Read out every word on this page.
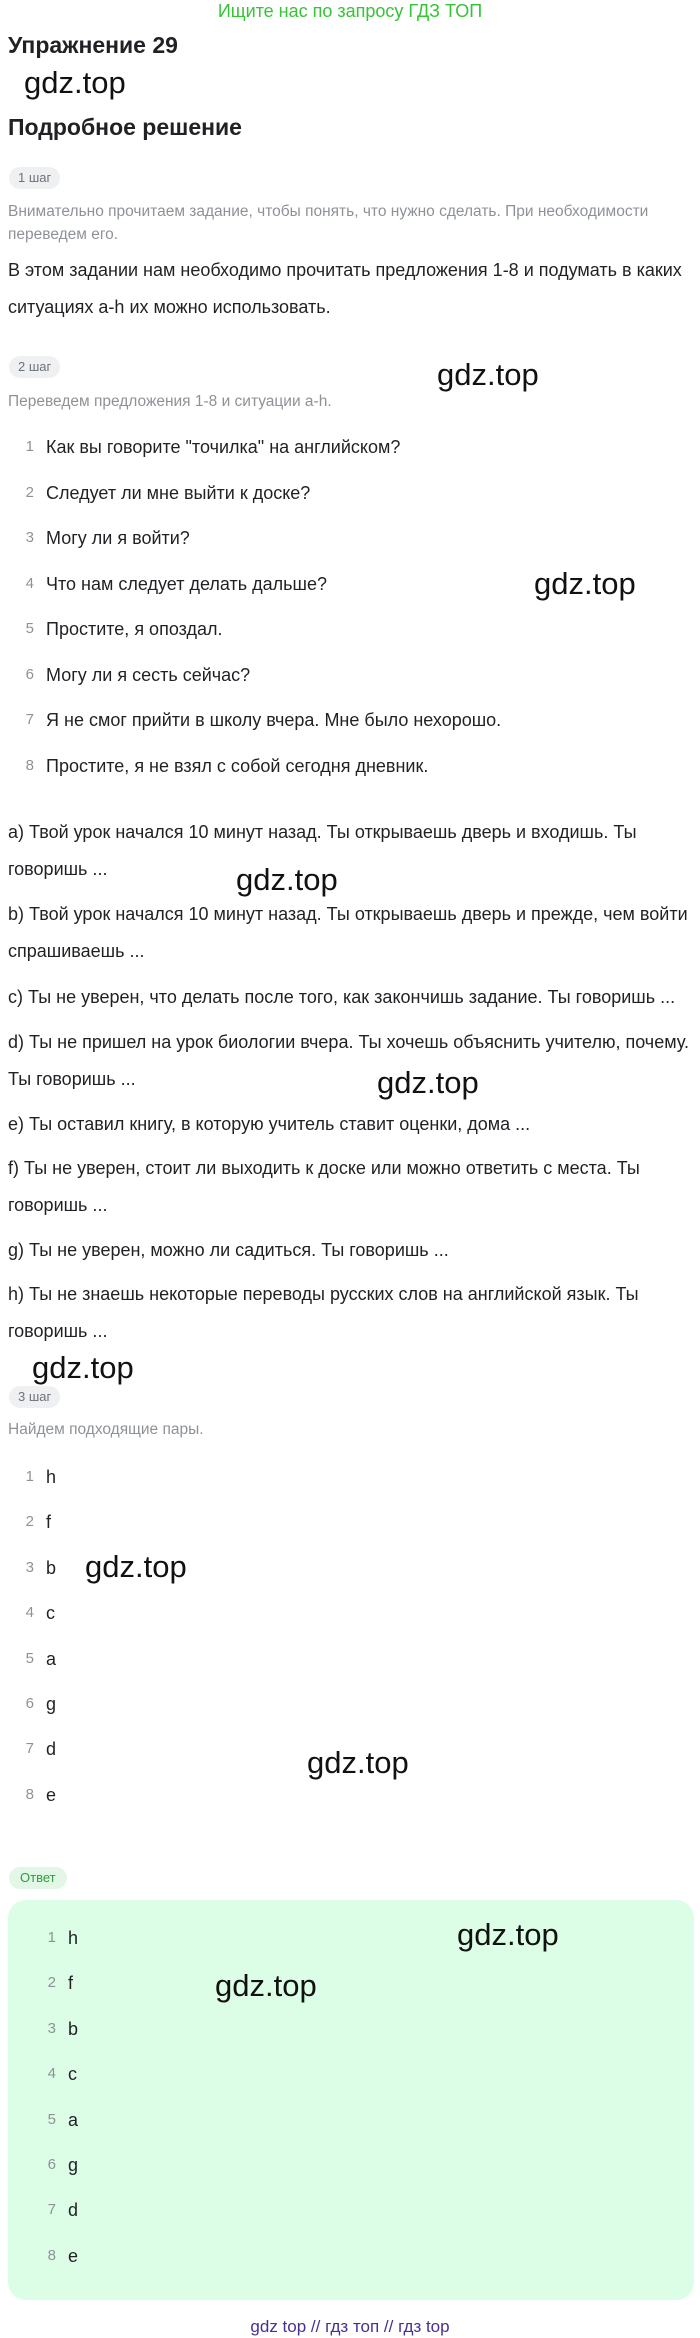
Ищите нас по запросу ГДЗ ТОП
Упражнение 29
gdz.top
Подробное решение
1 шаг

Внимательно прочитаем задание, чтобы понять, что нужно сделать. При необходимости переведем его.

В этом задании нам необходимо прочитать предложения 1-8 и подумать в каких ситуациях a-h их можно использовать.

2 шаг	gdz.top

Переведем предложения 1-8 и ситуации a-h.

1 Как вы говорите "точилка" на английском?
2 Следует ли мне выйти к доске?
3 Могу ли я войти?
4 Что нам следует делать дальше?
5 Простите, я опоздал.
6 Могу ли я сесть сейчас?
7 Я не смог прийти в школу вчера. Мне было нехорошо.
8 Простите, я не взял с собой сегодня дневник.
gdz.top

a) Твой урок начался 10 минут назад. Ты открываешь дверь и входишь. Ты говоришь ...	gdz.top

b) Твой урок начался 10 минут назад. Ты открываешь дверь и прежде, чем войти спрашиваешь ...

c) Ты не уверен, что делать после того, как закончишь задание. Ты говоришь ...

d) Ты не пришел на урок биологии вчера. Ты хочешь объяснить учителю, почему. Ты говоришь ...	gdz.top

e) Ты оставил книгу, в которую учитель ставит оценки, дома ...

f) Ты не уверен, стоит ли выходить к доске или можно ответить с места. Ты говоришь ...

g) Ты не уверен, можно ли садиться. Ты говоришь ...

h) Ты не знаешь некоторые переводы русских слов на английской язык. Ты говоришь ...

gdz.top
3 шаг

Найдем подходящие пары.

1 h
2 f
3 b
4 c
5 a
6 g
7 d
8 e
gdz.top
gdz.top
Ответ
1 h
2 f
3 b
4 c
5 a
6 g
7 d
8 e
gdz.top
gdz.top
gdz top // гдз топ // гдз top
